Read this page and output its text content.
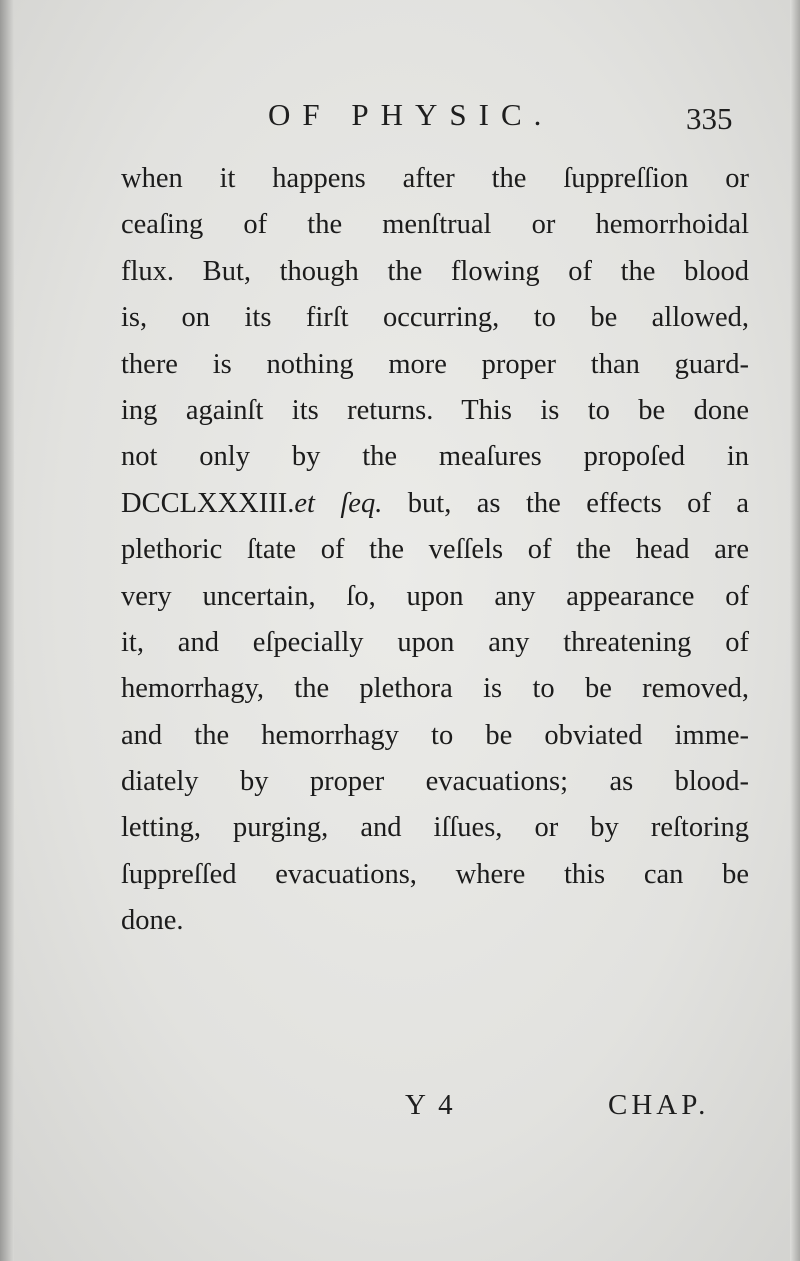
OF PHYSIC.	335
when it happens after the ſuppreſſion or
ceaſing of the menſtrual or hemorrhoidal
flux. But, though the flowing of the blood
is, on its firſt occurring, to be allowed,
there is nothing more proper than guard-
ing againſt its returns. This is to be done
not only by the meaſures propoſed in
DCCLXXXIII.et ſeq. but, as the effects of a
plethoric ſtate of the veſſels of the head are
very uncertain, ſo, upon any appearance of
it, and eſpecially upon any threatening of
hemorrhagy, the plethora is to be removed,
and the hemorrhagy to be obviated imme-
diately by proper evacuations; as blood-
letting, purging, and iſſues, or by reſtoring
ſuppreſſed evacuations, where this can be
done.
Y 4	CHAP.
